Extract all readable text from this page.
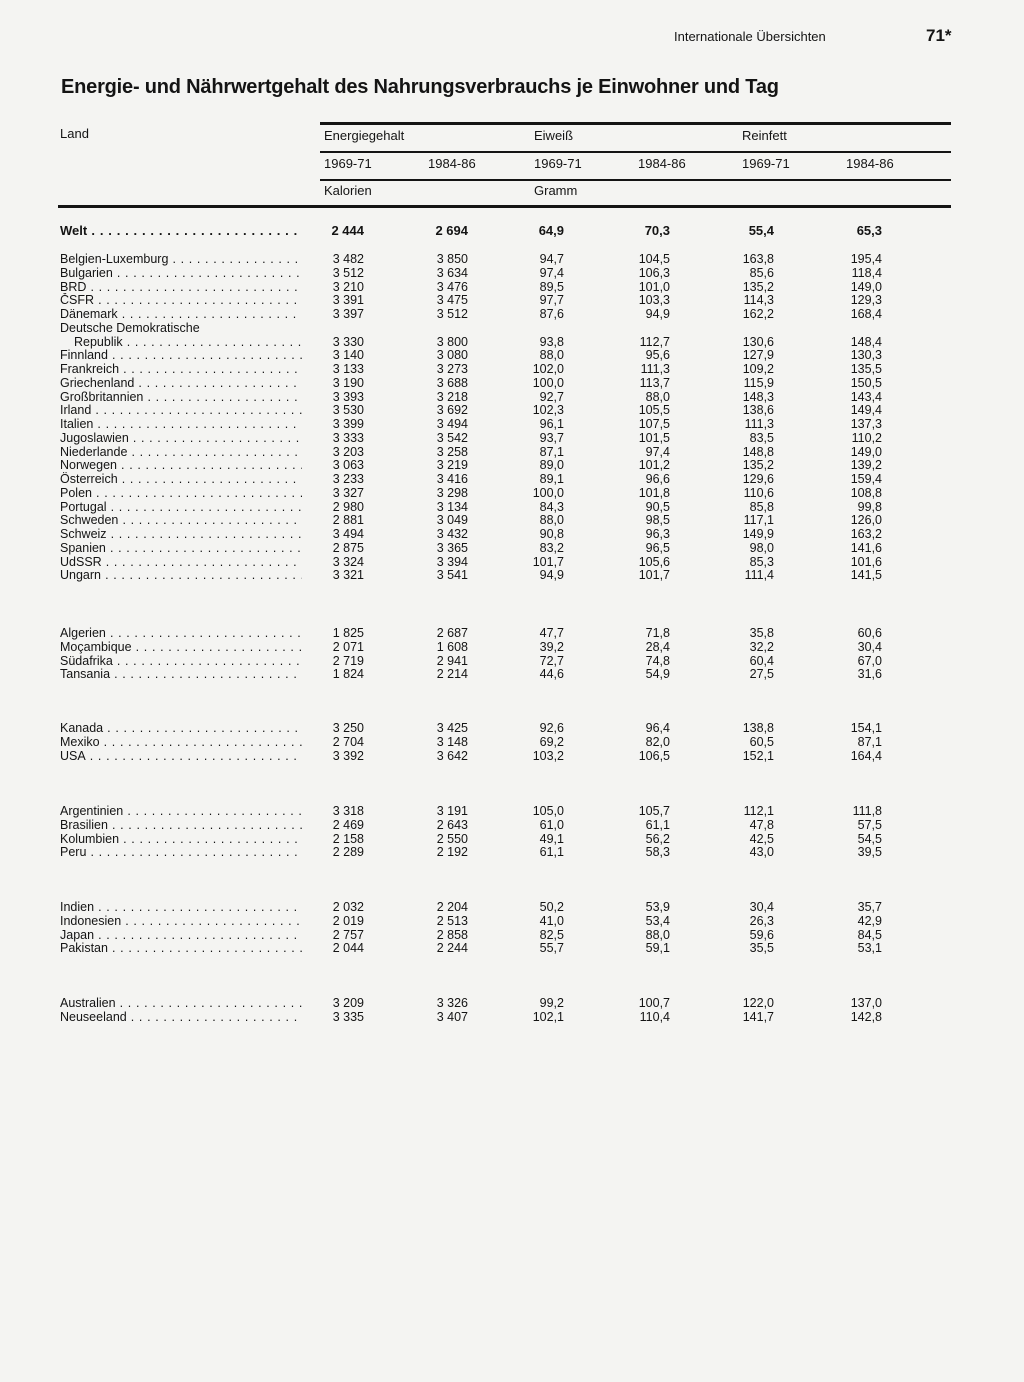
Internationale Übersichten	71*
Energie- und Nährwertgehalt des Nahrungsverbrauchs je Einwohner und Tag
Land	Energiegehalt	Eiweiß	Reinfett
1969-71	1984-86	1969-71	1984-86	1969-71	1984-86
Kalorien	Gramm
Welt . . .	2 444	2 694	64,9	70,3	55,4	65,3
Belgien-Luxemburg . . .	3 482	3 850	94,7	104,5	163,8	195,4
Bulgarien . . .	3 512	3 634	97,4	106,3	85,6	118,4
BRD . . .	3 210	3 476	89,5	101,0	135,2	149,0
ČSFR . . .	3 391	3 475	97,7	103,3	114,3	129,3
Dänemark . . .	3 397	3 512	87,6	94,9	162,2	168,4
Deutsche Demokratische
Republik . . .	3 330	3 800	93,8	112,7	130,6	148,4
Finnland . . .	3 140	3 080	88,0	95,6	127,9	130,3
Frankreich . . .	3 133	3 273	102,0	111,3	109,2	135,5
Griechenland . . .	3 190	3 688	100,0	113,7	115,9	150,5
Großbritannien . . .	3 393	3 218	92,7	88,0	148,3	143,4
Irland . . .	3 530	3 692	102,3	105,5	138,6	149,4
Italien . . .	3 399	3 494	96,1	107,5	111,3	137,3
Jugoslawien . . .	3 333	3 542	93,7	101,5	83,5	110,2
Niederlande . . .	3 203	3 258	87,1	97,4	148,8	149,0
Norwegen . . .	3 063	3 219	89,0	101,2	135,2	139,2
Österreich . . .	3 233	3 416	89,1	96,6	129,6	159,4
Polen . . .	3 327	3 298	100,0	101,8	110,6	108,8
Portugal . . .	2 980	3 134	84,3	90,5	85,8	99,8
Schweden . . .	2 881	3 049	88,0	98,5	117,1	126,0
Schweiz . . .	3 494	3 432	90,8	96,3	149,9	163,2
Spanien . . .	2 875	3 365	83,2	96,5	98,0	141,6
UdSSR . . .	3 324	3 394	101,7	105,6	85,3	101,6
Ungarn . . .	3 321	3 541	94,9	101,7	111,4	141,5
Algerien . . .	1 825	2 687	47,7	71,8	35,8	60,6
Moçambique . . .	2 071	1 608	39,2	28,4	32,2	30,4
Südafrika . . .	2 719	2 941	72,7	74,8	60,4	67,0
Tansania . . .	1 824	2 214	44,6	54,9	27,5	31,6
Kanada . . .	3 250	3 425	92,6	96,4	138,8	154,1
Mexiko . . .	2 704	3 148	69,2	82,0	60,5	87,1
USA . . .	3 392	3 642	103,2	106,5	152,1	164,4
Argentinien . . .	3 318	3 191	105,0	105,7	112,1	111,8
Brasilien . . .	2 469	2 643	61,0	61,1	47,8	57,5
Kolumbien . . .	2 158	2 550	49,1	56,2	42,5	54,5
Peru . . .	2 289	2 192	61,1	58,3	43,0	39,5
Indien . . .	2 032	2 204	50,2	53,9	30,4	35,7
Indonesien . . .	2 019	2 513	41,0	53,4	26,3	42,9
Japan . . .	2 757	2 858	82,5	88,0	59,6	84,5
Pakistan . . .	2 044	2 244	55,7	59,1	35,5	53,1
Australien . . .	3 209	3 326	99,2	100,7	122,0	137,0
Neuseeland . . .	3 335	3 407	102,1	110,4	141,7	142,8
